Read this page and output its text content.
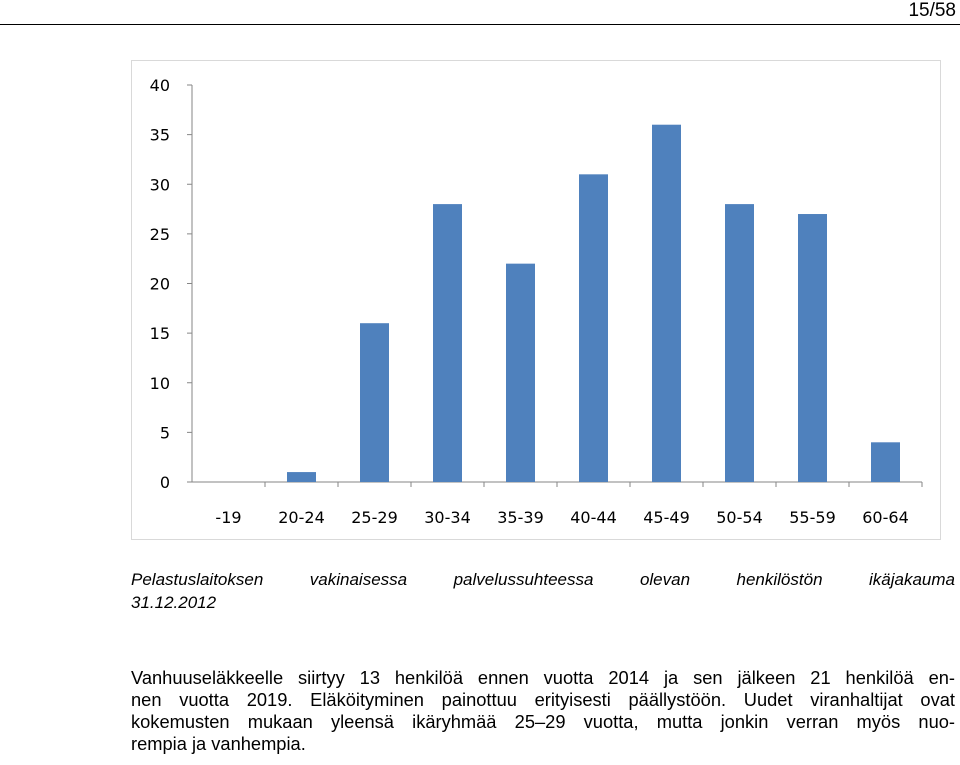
15/58
0
5
10
15
20
25
30
35
40
-19 20-24 25-29 30-34 35-39 40-44 45-49 50-54 55-59 60-64
Pelastuslaitoksen vakinaisessa palvelussuhteessa olevan henkilöstön ikäjakauma
31.12.2012
Vanhuuseläkkeelle siirtyy 13 henkilöä ennen vuotta 2014 ja sen jälkeen 21 henkilöä en-
nen vuotta 2019. Eläköityminen painottuu erityisesti päällystöön. Uudet viranhaltijat ovat
kokemusten mukaan yleensä ikäryhmää 25–29 vuotta, mutta jonkin verran myös nuo-
rempia ja vanhempia.
